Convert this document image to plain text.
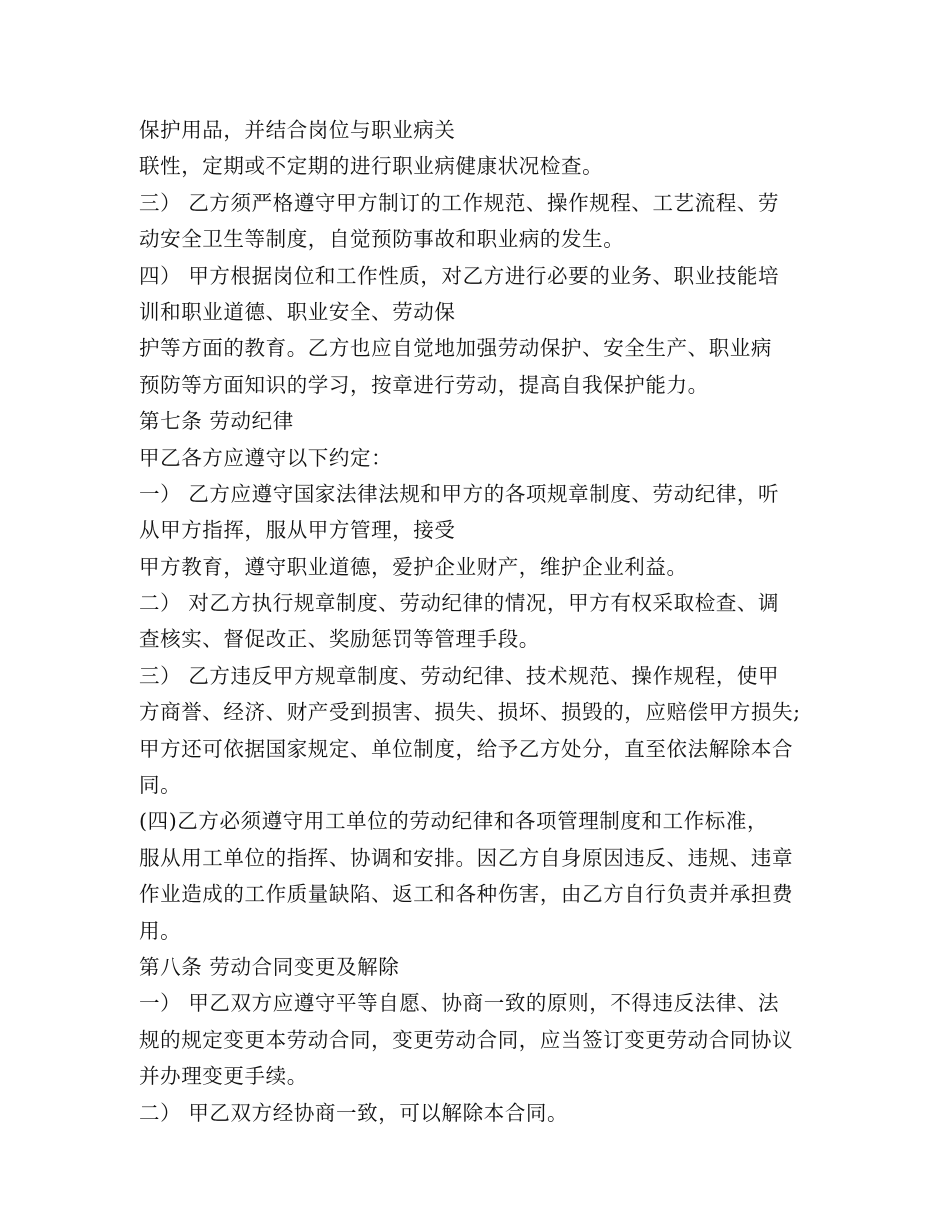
保护用品，并结合岗位与职业病关
联性，定期或不定期的进行职业病健康状况检查。
三） 乙方须严格遵守甲方制订的工作规范、操作规程、工艺流程、劳
动安全卫生等制度，自觉预防事故和职业病的发生。
四） 甲方根据岗位和工作性质，对乙方进行必要的业务、职业技能培
训和职业道德、职业安全、劳动保
护等方面的教育。乙方也应自觉地加强劳动保护、安全生产、职业病
预防等方面知识的学习，按章进行劳动，提高自我保护能力。
第七条 劳动纪律
甲乙各方应遵守以下约定：
一） 乙方应遵守国家法律法规和甲方的各项规章制度、劳动纪律，听
从甲方指挥，服从甲方管理，接受
甲方教育，遵守职业道德，爱护企业财产，维护企业利益。
二） 对乙方执行规章制度、劳动纪律的情况，甲方有权采取检查、调
查核实、督促改正、奖励惩罚等管理手段。
三） 乙方违反甲方规章制度、劳动纪律、技术规范、操作规程，使甲
方商誉、经济、财产受到损害、损失、损坏、损毁的，应赔偿甲方损失;
甲方还可依据国家规定、单位制度，给予乙方处分，直至依法解除本合
同。
(四)乙方必须遵守用工单位的劳动纪律和各项管理制度和工作标准，
服从用工单位的指挥、协调和安排。因乙方自身原因违反、违规、违章
作业造成的工作质量缺陷、返工和各种伤害，由乙方自行负责并承担费
用。
第八条 劳动合同变更及解除
一） 甲乙双方应遵守平等自愿、协商一致的原则，不得违反法律、法
规的规定变更本劳动合同，变更劳动合同，应当签订变更劳动合同协议
并办理变更手续。
二） 甲乙双方经协商一致，可以解除本合同。
